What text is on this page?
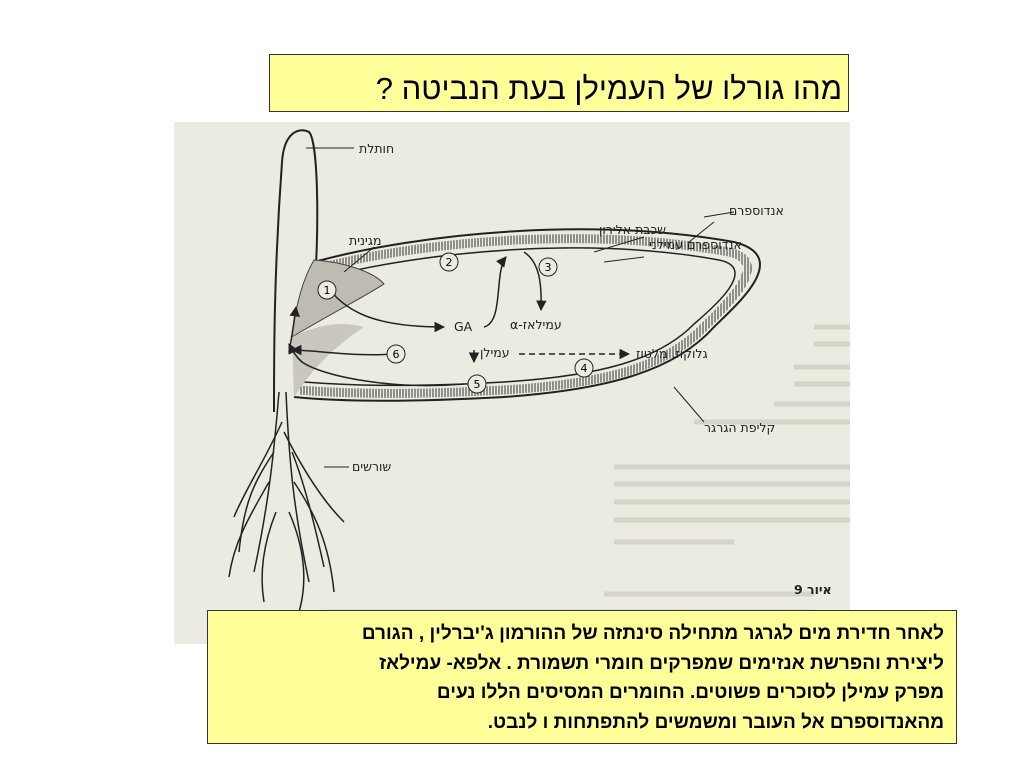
מהו גורלו של העמילן בעת הנביטה ?
1
2	3
4
5
6
חותלת
מגינית
שכבת אלירון
אנדוספרם עמילני
אנדוספרם
GA	α-עמילאז
עמילן	גלוקוז, מלטוז
קליפת הגרגר
שורשים
איור 9
לאחר חדירת מים לגרגר מתחילה סינתזה של ההורמון ג'יברלין , הגורם
ליצירת והפרשת אנזימים שמפרקים חומרי תשמורת . אלפא- עמילאז
מפרק עמילן לסוכרים פשוטים. החומרים המסיסים הללו נעים
מהאנדוספרם אל העובר ומשמשים להתפתחות ו לנבט.
